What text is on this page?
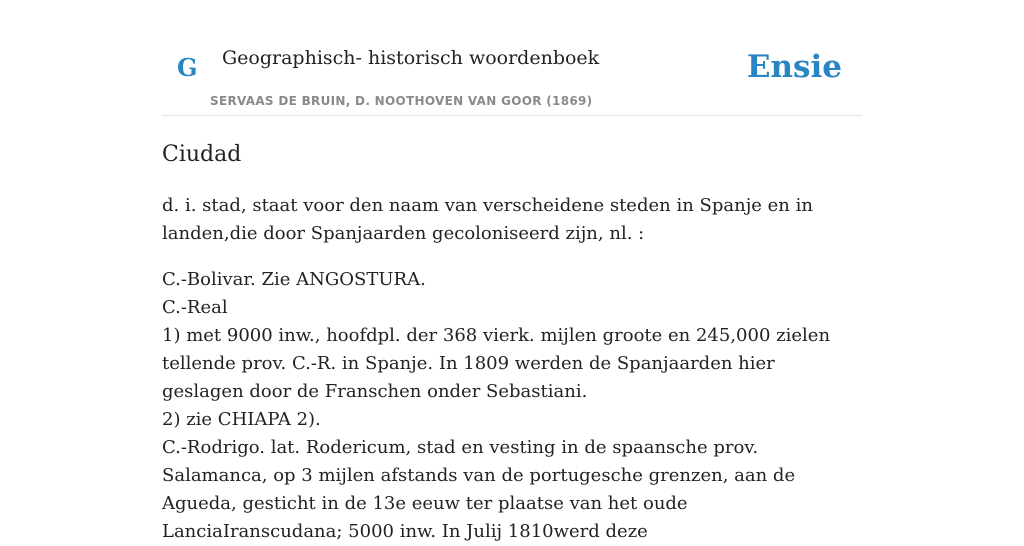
G Geographisch- historisch woordenboek
SERVAAS DE BRUIN, D. NOOTHOVEN VAN GOOR (1869)
Ensie
Ciudad

d. i. stad, staat voor den naam van verscheidene steden in Spanje en in landen,die door Spanjaarden gecoloniseerd zijn, nl. :

C.-Bolivar. Zie ANGOSTURA.
C.-Real
1) met 9000 inw., hoofdpl. der 368 vierk. mijlen groote en 245,000 zielen tellende prov. C.-R. in Spanje. In 1809 werden de Spanjaarden hier geslagen door de Franschen onder Sebastiani.
2) zie CHIAPA 2).
C.-Rodrigo. lat. Rodericum, stad en vesting in de spaansche prov. Salamanca, op 3 mijlen afstands van de portugesche grenzen, aan de Agueda, gesticht in de 13e eeuw ter plaatse van het oude LanciaIranscudana; 5000 inw. In Julij 1810werd deze
